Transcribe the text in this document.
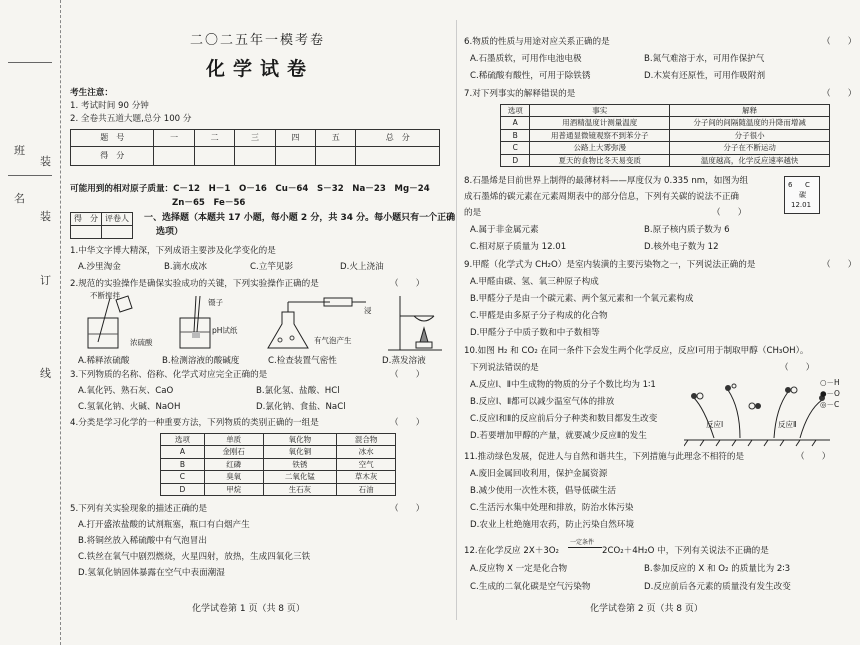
班
名
装
装
订
线
二〇二五年一模考卷
化学试卷
考生注意：
1. 考试时间 90 分钟
2. 全卷共五道大题,总分 100 分
题　号	一	二	三	四	五	总　分
得　分						
可能用到的相对原子质量：C－12　H－1　O－16　Cu－64　S－32　Na－23　Mg－24
Zn－65　Fe－56
得　分	评卷人
	一、选择题（本题共 17 小题，每小题 2 分，共 34 分。每小题只有一个正确
选项）
1.中华文字博大精深，下列成语主要涉及化学变化的是
A.沙里淘金	B.滴水成冰	C.立竿见影	D.火上浇油
2.规范的实验操作是确保实验成功的关键，下列实验操作正确的是	（　　）
不断搅拌
浓硫酸
镊子
pH试纸
有气泡产生
浸
A.稀释浓硫酸	B.检测溶液的酸碱度	C.检查装置气密性	D.蒸发溶液
3.下列物质的名称、俗称、化学式对应完全正确的是	（　　）
A.氧化钙、熟石灰、CaO	B.氯化氢、盐酸、HCl
C.氢氧化钠、火碱、NaOH	D.氯化钠、食盐、NaCl
4.分类是学习化学的一种重要方法，下列物质的类别正确的一组是	（　　）
选项	单质	氧化物	混合物
A	金刚石	氧化铜	冰水
B	红磷	铁锈	空气
C	臭氧	二氧化锰	草木灰
D	甲烷	生石灰	石油
5.下列有关实验现象的描述正确的是	（　　）
A.打开盛浓盐酸的试剂瓶塞，瓶口有白烟产生
B.将铜丝放入稀硫酸中有气泡冒出
C.铁丝在氧气中剧烈燃烧，火星四射，放热，生成四氧化三铁
D.氢氧化钠固体暴露在空气中表面潮湿
化学试卷第 1 页（共 8 页）
6.物质的性质与用途对应关系正确的是	（　　）
A.石墨质软，可用作电池电极	B.氮气难溶于水，可用作保护气
C.稀硫酸有酸性，可用于除铁锈	D.木炭有还原性，可用作吸附剂
7.对下列事实的解释错误的是	（　　）
选项	事实	解释
A	用酒精温度计测量温度	分子间的间隔随温度的升降而增减
B	用普通显微镜观察不到苯分子	分子很小
C	公路上大雾弥漫	分子在不断运动
D	夏天的食物比冬天易变质	温度越高，化学反应速率越快
8.石墨烯是目前世界上制得的最薄材料——厚度仅为 0.335 nm，如图为组
成石墨烯的碳元素在元素周期表中的部分信息，下列有关碳的说法不正确
的是	（　　）
A.属于非金属元素	B.原子核内质子数为 6
C.相对原子质量为 12.01	D.核外电子数为 12
9.甲醛（化学式为 CH₂O）是室内装潢的主要污染物之一，下列说法正确的是	（　　）
A.甲醛由碳、氢、氧三种原子构成
B.甲醛分子是由一个碳元素、两个氢元素和一个氧元素构成
C.甲醛是由多原子分子构成的化合物
D.甲醛分子中质子数和中子数相等
10.如图 H₂ 和 CO₂ 在同一条件下会发生两个化学反应，反应Ⅰ可用于制取甲醇（CH₃OH）。
下列说法错误的是	（　　）
A.反应Ⅰ、Ⅱ中生成物的物质的分子个数比均为 1∶1
B.反应Ⅰ、Ⅱ都可以减少温室气体的排放
C.反应Ⅰ和Ⅱ的反应前后分子种类和数目都发生改变
D.若要增加甲醇的产量，就要减少反应Ⅱ的发生
反应Ⅰ	反应Ⅱ
○－H
●－O
◎－C
11.推动绿色发展，促进人与自然和谐共生，下列措施与此理念不相符的是	（　　）
A.废旧金属回收利用，保护金属资源
B.减少使用一次性木筷，倡导低碳生活
C.生活污水集中处理和排放，防治水体污染
D.农业上杜绝施用农药，防止污染自然环境
12.在化学反应 2X＋3O₂
一定条件
2CO₂＋4H₂O 中，下列有关说法不正确的是
A.反应物 X 一定是化合物	B.参加反应的 X 和 O₂ 的质量比为 2∶3
C.生成的二氧化碳是空气污染物	D.反应前后各元素的质量没有发生改变
化学试卷第 2 页（共 8 页）
6 C
碳
12.01
